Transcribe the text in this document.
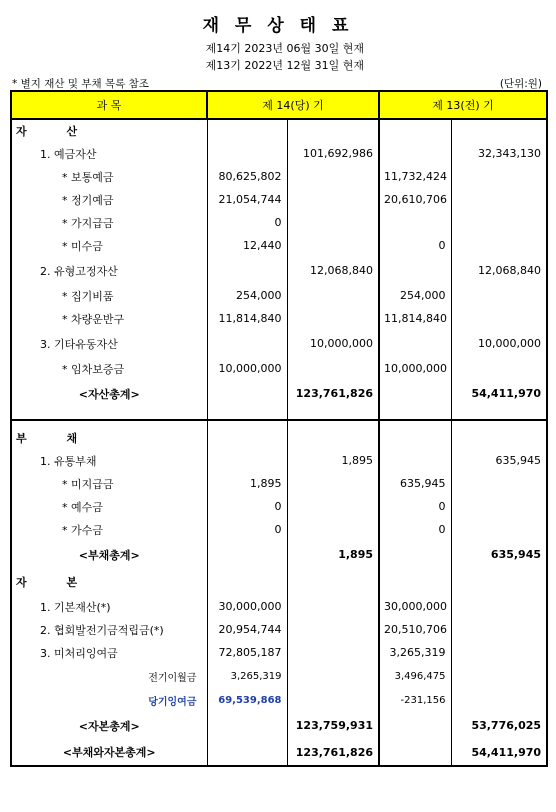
재 무 상 태 표
제14기 2023년 06월 30일 현재
제13기 2022년 12월 31일 현재
* 별지 재산 및 부채 목록 참조	(단위:원)
과 목	제 14(당) 기		제 13(전) 기	
자 산				
1. 예금자산		101,692,986		32,343,130
* 보통예금	80,625,802		11,732,424	
* 정기예금	21,054,744		20,610,706	
* 가지급금	0			
* 미수금	12,440		0	
2. 유형고정자산		12,068,840		12,068,840
* 집기비품	254,000		254,000	
* 차량운반구	11,814,840		11,814,840	
3. 기타유동자산		10,000,000		10,000,000
* 임차보증금	10,000,000		10,000,000	
<자산총계>		123,761,826		54,411,970

부 채				
1. 유통부채		1,895		635,945
* 미지급금	1,895		635,945	
* 예수금	0		0	
* 가수금	0		0	
<부채총계>		1,895		635,945
자 본				
1. 기본재산(*)	30,000,000		30,000,000	
2. 협회발전기금적립금(*)	20,954,744		20,510,706	
3. 미처리잉여금	72,805,187		3,265,319	
전기이월금	3,265,319		3,496,475	
당기잉여금	69,539,868		-231,156	
<자본총계>		123,759,931		53,776,025
<부채와자본총계>		123,761,826		54,411,970
